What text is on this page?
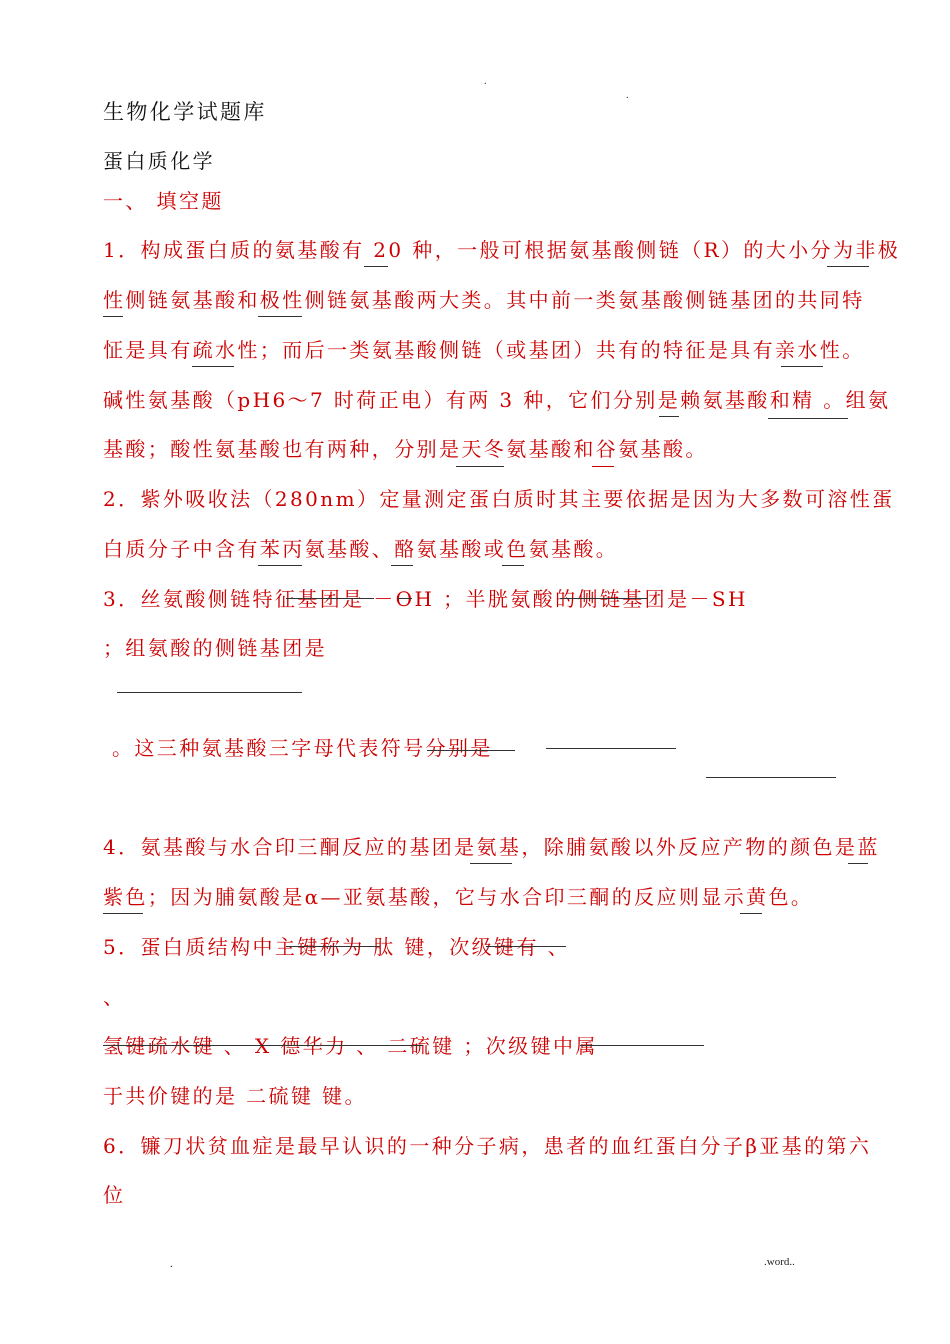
.
.
生物化学试题库
蛋白质化学
一、 填空题
1．构成蛋白质的氨基酸有 20 种，一般可根据氨基酸侧链（R）的大小分为非极
性侧链氨基酸和极性侧链氨基酸两大类。其中前一类氨基酸侧链基团的共同特
怔是具有疏水性；而后一类氨基酸侧链（或基团）共有的特征是具有亲水性。
碱性氨基酸（pH6～7 时荷正电）有两 3 种，它们分别是赖氨基酸和精 。组氨
基酸；酸性氨基酸也有两种，分别是天冬氨基酸和谷氨基酸。
2．紫外吸收法（280nm）定量测定蛋白质时其主要依据是因为大多数可溶性蛋
白质分子中含有苯丙氨基酸、酪氨基酸或色氨基酸。
3．丝氨酸侧链特征基团是 －OH ；半胱氨酸的侧链基团是－SH
；组氨酸的侧链基团是
。这三种氨基酸三字母代表符号分别是
4．氨基酸与水合印三酮反应的基团是氨基，除脯氨酸以外反应产物的颜色是蓝
紫色；因为脯氨酸是α—亚氨基酸，它与水合印三酮的反应则显示黄色。
5．蛋白质结构中主键称为 肽 键，次级键有 、
、
氢键疏水键 、 X 德华力 、 二硫键 ；次级键中属
于共价键的是 二硫键 键。
6．镰刀状贫血症是最早认识的一种分子病，患者的血红蛋白分子β亚基的第六
位
.	.word..
